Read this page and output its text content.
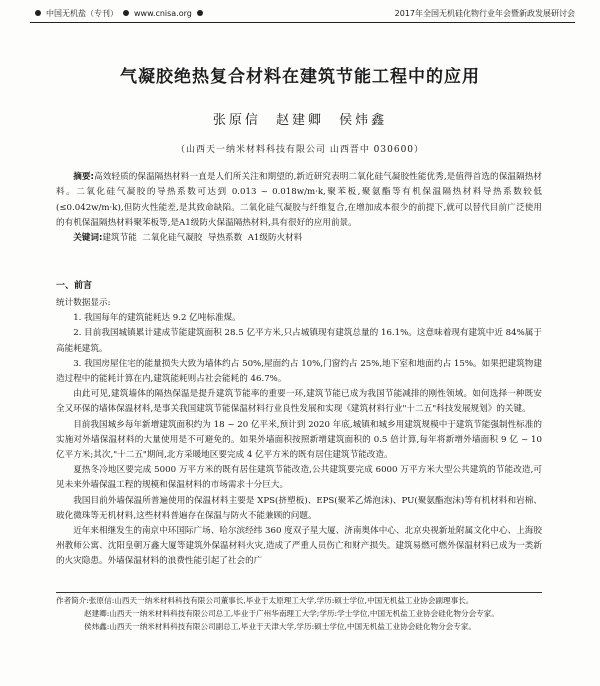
中国无机盐（专刊） www.cnisa.org	2017年全国无机硅化物行业年会暨新政发展研讨会
气凝胶绝热复合材料在建筑节能工程中的应用
张原信 赵建卿 侯炜鑫
（山西天一纳米材料科技有限公司 山西晋中 030600）
摘要:高效轻质的保温隔热材料一直是人们所关注和期望的,新近研究表明二氧化硅气凝胶性能优秀,是值得首选的保温隔热材料。二氧化硅气凝胶的导热系数可达到 0.013 ~ 0.018w/m·k,聚苯板,聚氨酯等有机保温隔热材料导热系数较低(≤0.042w/m·k),但防火性能差,是其致命缺陷。二氧化硅气凝胶与纤维复合,在增加成本很少的前提下,就可以替代目前广泛使用的有机保温隔热材料聚苯板等,是A1级防火保温隔热材料,具有很好的应用前景。
关键词:建筑节能  二氧化硅气凝胶  导热系数  A1级防火材料
一、前言

统计数据显示:

1. 我国每年的建筑能耗达 9.2 亿吨标准煤。

2. 目前我国城镇累计建成节能建筑面积 28.5 亿平方米,只占城镇现有建筑总量的 16.1%。这意味着现有建筑中近 84%属于高能耗建筑。

3. 我国房屋住宅的能量损失大致为墙体约占 50%,屋面约占 10%,门窗约占 25%,地下室和地面约占 15%。如果把建筑物建造过程中的能耗计算在内,建筑能耗则占社会能耗的 46.7%。

由此可见,建筑墙体的隔热保温是提升建筑节能率的重要一环,建筑节能已成为我国节能减排的刚性领域。如何选择一种既安全又环保的墙体保温材料,是事关我国建筑节能保温材料行业良性发展和实现《建筑材料行业"十二五"科技发展规划》的关键。

目前我国城乡每年新增建筑面积约为 18 ~ 20 亿平米,预计到 2020 年底,城镇和城乡用建筑规模中于建筑节能强制性标准的实施对外墙保温材料的大量使用是不可避免的。如果外墙面积按照新增建筑面积的 0.5 倍计算,每年将新增外墙面积 9 亿 ~ 10 亿平方米;其次,"十二五"期间,北方采暖地区要完成 4 亿平方米的既有居住建筑节能改造。

夏热冬冷地区要完成 5000 万平方米的既有居住建筑节能改造,公共建筑要完成 6000 万平方米大型公共建筑的节能改造,可见未来外墙保温工程的规模和保温材料的市场需求十分巨大。

我国目前外墙保温所普遍使用的保温材料主要是 XPS(挤塑板)、EPS(聚苯乙烯泡沫)、PU(聚氨酯泡沫)等有机材料和岩棉、玻化微珠等无机材料,这些材料普遍存在保温与防火不能兼顾的问题。

近年来相继发生的南京中环国际广场、哈尔滨经纬 360 度双子星大厦、济南奥体中心、北京央视新址附属文化中心、上海胶州教师公寓、沈阳皇朝万鑫大厦等建筑外保温材料火灾,造成了严重人员伤亡和财产损失。建筑易燃可燃外保温材料已成为一类新的火灾隐患。外墙保温材料的浪费性能引起了社会的广

作者简介:张原信:山西天一纳米材料科技有限公司董事长,毕业于太原理工大学,学历:硕士学位,中国无机盐工业协会副理事长。

赵建卿:山西天一纳米材料科技有限公司总工,毕业于广州华南理工大学;学历:学士学位,中国无机盐工业协会硅化物分会专家。

侯炜鑫:山西天一纳米材料科技有限公司副总工,毕业于天津大学,学历:硕士学位,中国无机盐工业协会硅化物分会专家。
